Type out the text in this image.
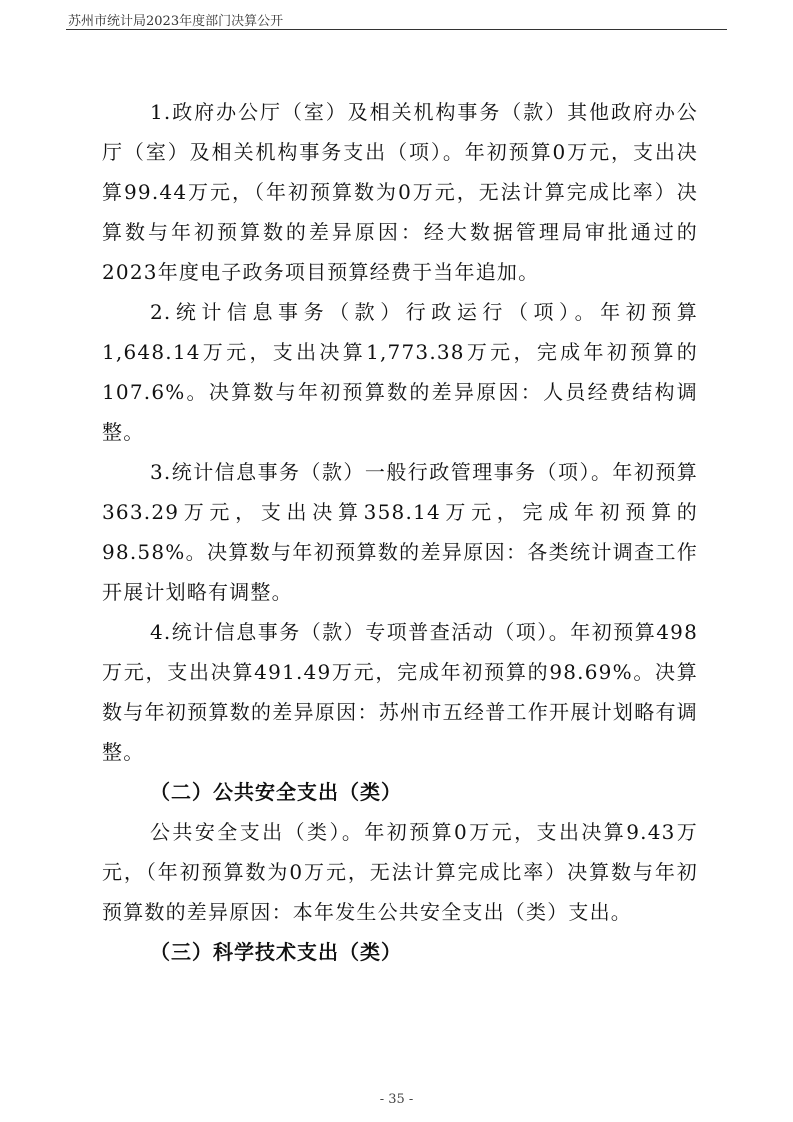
苏州市统计局2023年度部门决算公开

1.政府办公厅（室）及相关机构事务（款）其他政府办公厅（室）及相关机构事务支出（项）。年初预算0万元，支出决算99.44万元，（年初预算数为0万元，无法计算完成比率）决算数与年初预算数的差异原因：经大数据管理局审批通过的2023年度电子政务项目预算经费于当年追加。

2.统计信息事务（款）行政运行（项）。年初预算1,648.14万元，支出决算1,773.38万元，完成年初预算的107.6%。决算数与年初预算数的差异原因：人员经费结构调整。

3.统计信息事务（款）一般行政管理事务（项）。年初预算363.29万元，支出决算358.14万元，完成年初预算的98.58%。决算数与年初预算数的差异原因：各类统计调查工作开展计划略有调整。

4.统计信息事务（款）专项普查活动（项）。年初预算498万元，支出决算491.49万元，完成年初预算的98.69%。决算数与年初预算数的差异原因：苏州市五经普工作开展计划略有调整。

（二）公共安全支出（类）

公共安全支出（类）。年初预算0万元，支出决算9.43万元，（年初预算数为0万元，无法计算完成比率）决算数与年初预算数的差异原因：本年发生公共安全支出（类）支出。

（三）科学技术支出（类）

- 35 -
